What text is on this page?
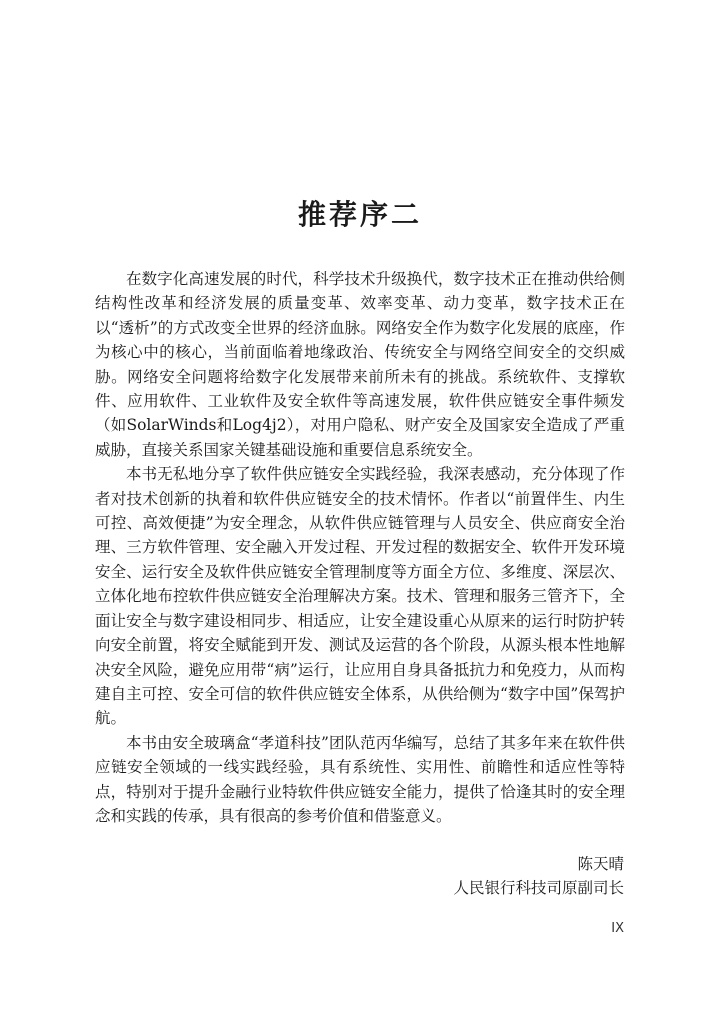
推荐序二

在数字化高速发展的时代，科学技术升级换代，数字技术正在推动供给侧结构性改革和经济发展的质量变革、效率变革、动力变革，数字技术正在以“透析”的方式改变全世界的经济血脉。网络安全作为数字化发展的底座，作为核心中的核心，当前面临着地缘政治、传统安全与网络空间安全的交织威胁。网络安全问题将给数字化发展带来前所未有的挑战。系统软件、支撑软件、应用软件、工业软件及安全软件等高速发展，软件供应链安全事件频发（如SolarWinds和Log4j2），对用户隐私、财产安全及国家安全造成了严重威胁，直接关系国家关键基础设施和重要信息系统安全。

本书无私地分享了软件供应链安全实践经验，我深表感动，充分体现了作者对技术创新的执着和软件供应链安全的技术情怀。作者以“前置伴生、内生可控、高效便捷”为安全理念，从软件供应链管理与人员安全、供应商安全治理、三方软件管理、安全融入开发过程、开发过程的数据安全、软件开发环境安全、运行安全及软件供应链安全管理制度等方面全方位、多维度、深层次、立体化地布控软件供应链安全治理解决方案。技术、管理和服务三管齐下，全面让安全与数字建设相同步、相适应，让安全建设重心从原来的运行时防护转向安全前置，将安全赋能到开发、测试及运营的各个阶段，从源头根本性地解决安全风险，避免应用带“病”运行，让应用自身具备抵抗力和免疫力，从而构建自主可控、安全可信的软件供应链安全体系，从供给侧为“数字中国”保驾护航。

本书由安全玻璃盒“孝道科技”团队范丙华编写，总结了其多年来在软件供应链安全领域的一线实践经验，具有系统性、实用性、前瞻性和适应性等特点，特别对于提升金融行业特软件供应链安全能力，提供了恰逢其时的安全理念和实践的传承，具有很高的参考价值和借鉴意义。

陈天晴
人民银行科技司原副司长
IX
